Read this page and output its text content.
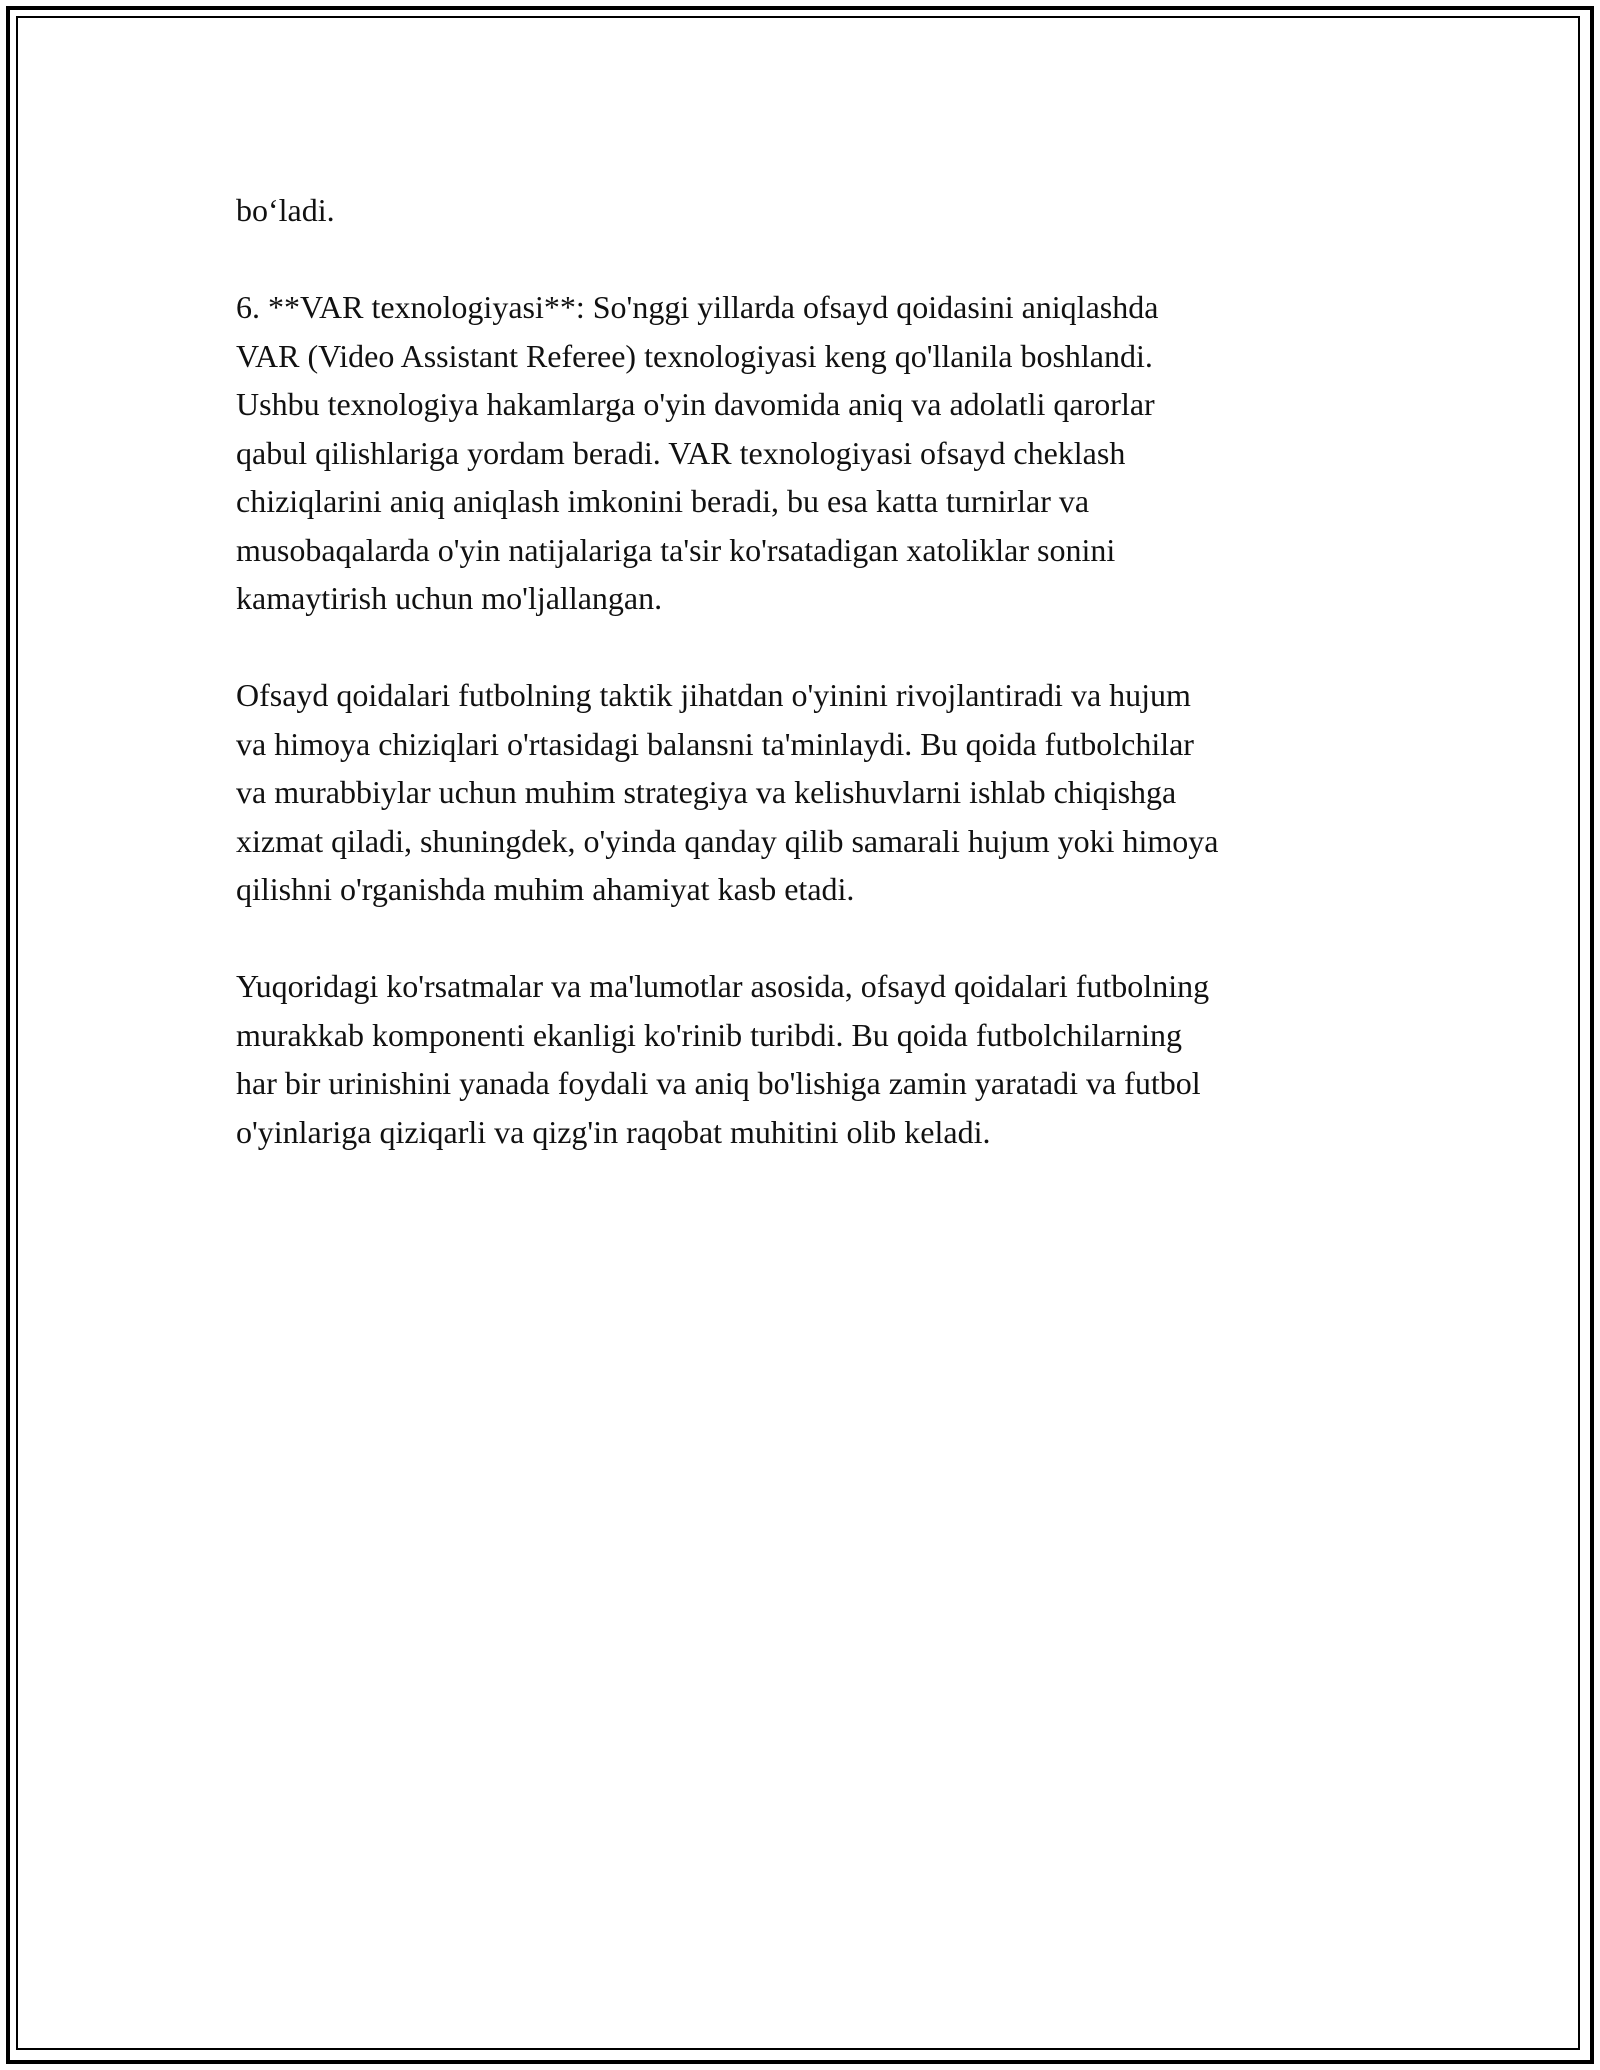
bo‘ladi.

6. **VAR texnologiyasi**: So'nggi yillarda ofsayd qoidasini aniqlashda
VAR (Video Assistant Referee) texnologiyasi keng qo'llanila boshlandi.
Ushbu texnologiya hakamlarga o'yin davomida aniq va adolatli qarorlar
qabul qilishlariga yordam beradi. VAR texnologiyasi ofsayd cheklash
chiziqlarini aniq aniqlash imkonini beradi, bu esa katta turnirlar va
musobaqalarda o'yin natijalariga ta'sir ko'rsatadigan xatoliklar sonini
kamaytirish uchun mo'ljallangan.

Ofsayd qoidalari futbolning taktik jihatdan o'yinini rivojlantiradi va hujum
va himoya chiziqlari o'rtasidagi balansni ta'minlaydi. Bu qoida futbolchilar
va murabbiylar uchun muhim strategiya va kelishuvlarni ishlab chiqishga
xizmat qiladi, shuningdek, o'yinda qanday qilib samarali hujum yoki himoya
qilishni o'rganishda muhim ahamiyat kasb etadi.

Yuqoridagi ko'rsatmalar va ma'lumotlar asosida, ofsayd qoidalari futbolning
murakkab komponenti ekanligi ko'rinib turibdi. Bu qoida futbolchilarning
har bir urinishini yanada foydali va aniq bo'lishiga zamin yaratadi va futbol
o'yinlariga qiziqarli va qizg'in raqobat muhitini olib keladi.
